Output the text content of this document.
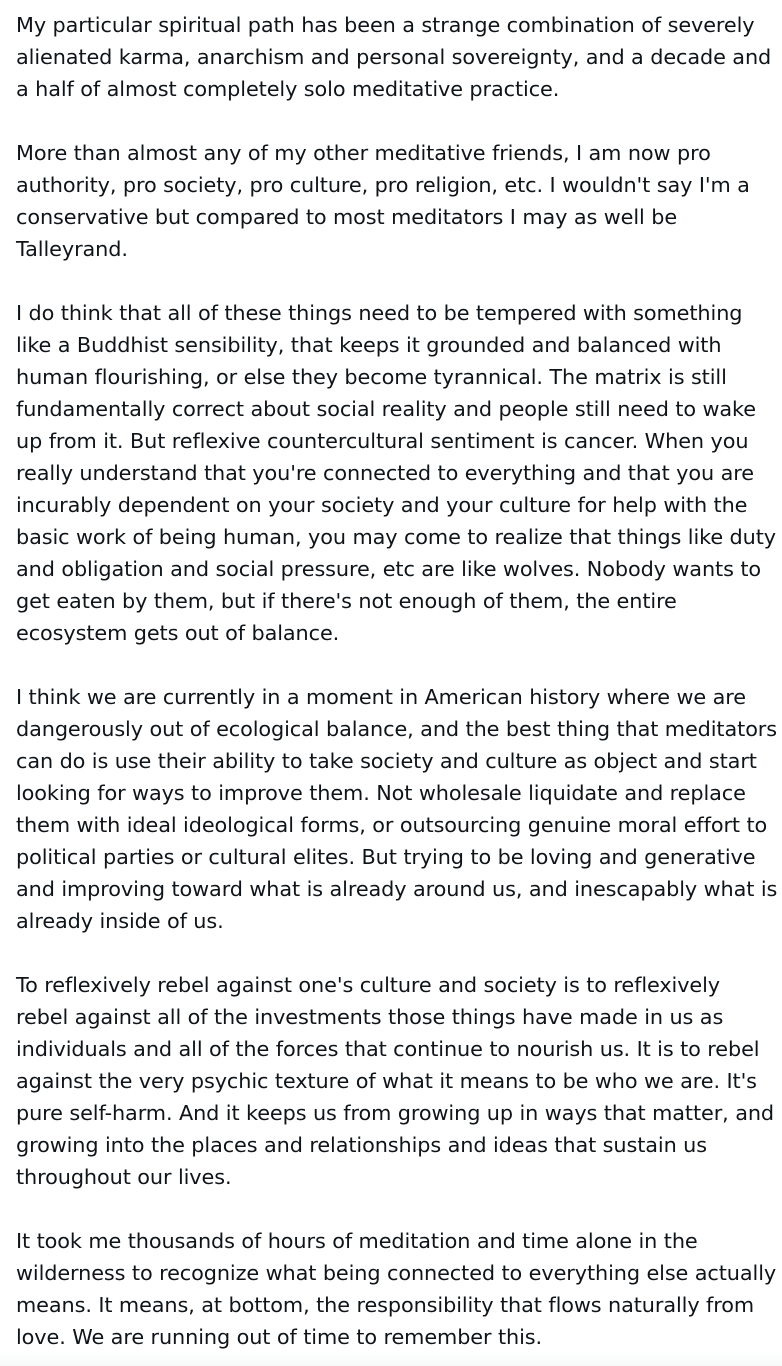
My particular spiritual path has been a strange combination of severely alienated karma, anarchism and personal sovereignty, and a decade and a half of almost completely solo meditative practice.

More than almost any of my other meditative friends, I am now pro authority, pro society, pro culture, pro religion, etc. I wouldn't say I'm a conservative but compared to most meditators I may as well be Talleyrand.

I do think that all of these things need to be tempered with something like a Buddhist sensibility, that keeps it grounded and balanced with human flourishing, or else they become tyrannical. The matrix is still fundamentally correct about social reality and people still need to wake up from it. But reflexive countercultural sentiment is cancer. When you really understand that you're connected to everything and that you are incurably dependent on your society and your culture for help with the basic work of being human, you may come to realize that things like duty and obligation and social pressure, etc are like wolves. Nobody wants to get eaten by them, but if there's not enough of them, the entire ecosystem gets out of balance.

I think we are currently in a moment in American history where we are dangerously out of ecological balance, and the best thing that meditators can do is use their ability to take society and culture as object and start looking for ways to improve them. Not wholesale liquidate and replace them with ideal ideological forms, or outsourcing genuine moral effort to political parties or cultural elites. But trying to be loving and generative and improving toward what is already around us, and inescapably what is already inside of us.

To reflexively rebel against one's culture and society is to reflexively rebel against all of the investments those things have made in us as individuals and all of the forces that continue to nourish us. It is to rebel against the very psychic texture of what it means to be who we are. It's pure self-harm. And it keeps us from growing up in ways that matter, and growing into the places and relationships and ideas that sustain us throughout our lives.

It took me thousands of hours of meditation and time alone in the wilderness to recognize what being connected to everything else actually means. It means, at bottom, the responsibility that flows naturally from love. We are running out of time to remember this.
